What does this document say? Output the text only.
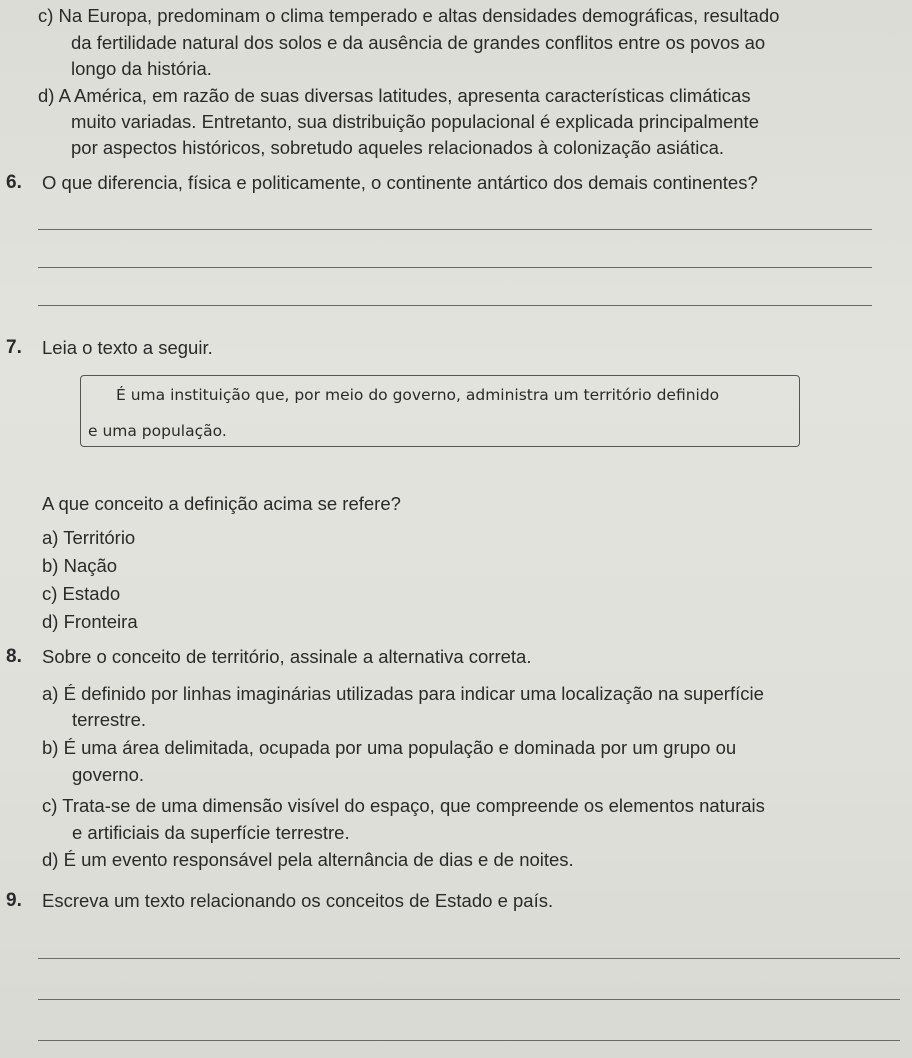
c) Na Europa, predominam o clima temperado e altas densidades demográficas, resultado
da fertilidade natural dos solos e da ausência de grandes conflitos entre os povos ao
longo da história.
d) A América, em razão de suas diversas latitudes, apresenta características climáticas
muito variadas. Entretanto, sua distribuição populacional é explicada principalmente
por aspectos históricos, sobretudo aqueles relacionados à colonização asiática.
6. O que diferencia, física e politicamente, o continente antártico dos demais continentes?
7. Leia o texto a seguir.
É uma instituição que, por meio do governo, administra um território definido
e uma população.
A que conceito a definição acima se refere?
a) Território
b) Nação
c) Estado
d) Fronteira
8. Sobre o conceito de território, assinale a alternativa correta.
a) É definido por linhas imaginárias utilizadas para indicar uma localização na superfície
terrestre.
b) É uma área delimitada, ocupada por uma população e dominada por um grupo ou
governo.
c) Trata-se de uma dimensão visível do espaço, que compreende os elementos naturais
e artificiais da superfície terrestre.
d) É um evento responsável pela alternância de dias e de noites.
9. Escreva um texto relacionando os conceitos de Estado e país.
